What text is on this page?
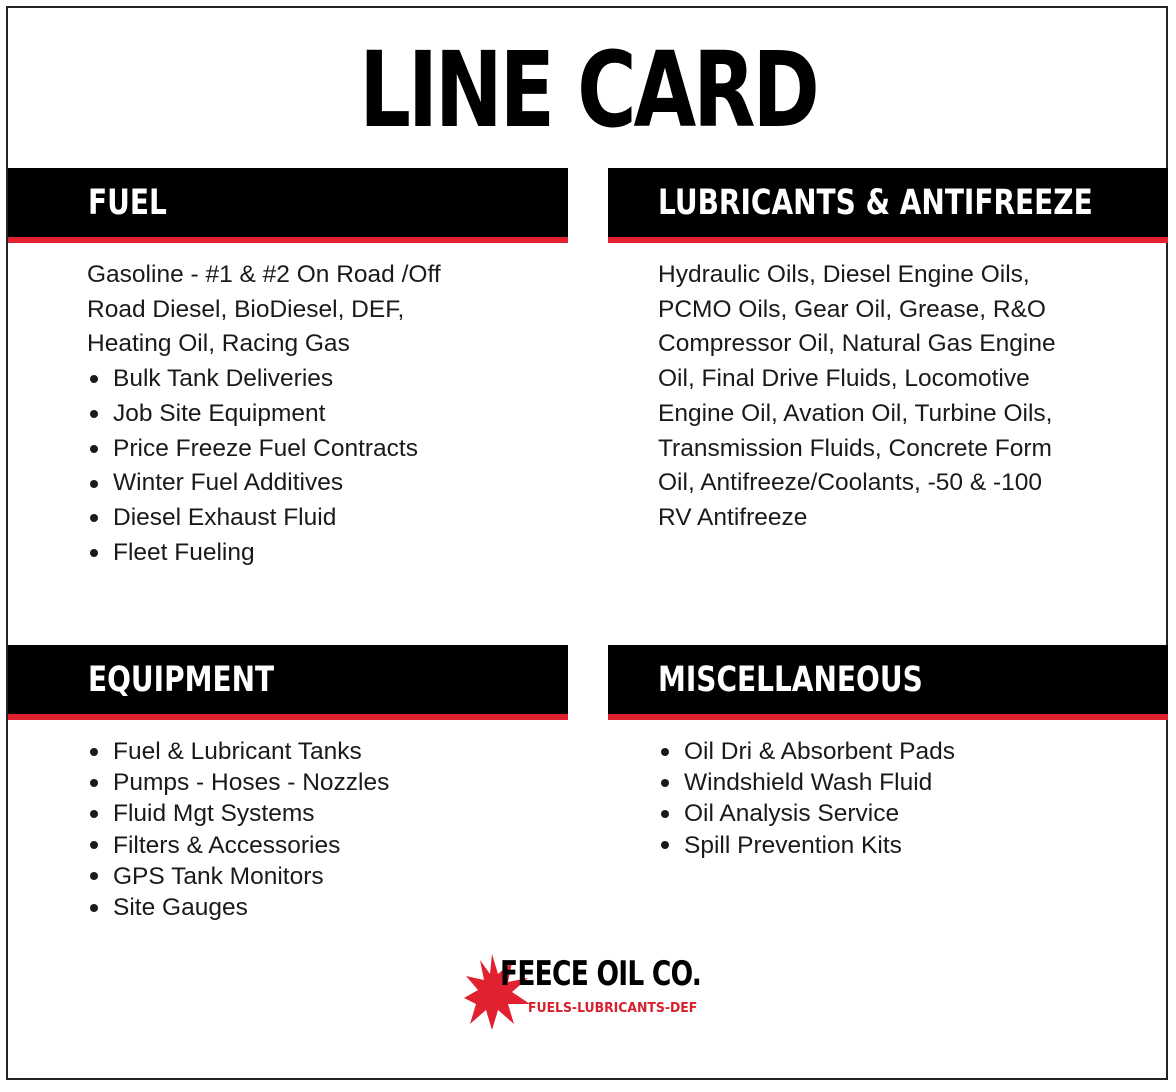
LINE CARD
FUEL

Gasoline - #1 & #2 On Road /Off

Road Diesel, BioDiesel, DEF,

Heating Oil, Racing Gas

Bulk Tank Deliveries
Job Site Equipment
Price Freeze Fuel Contracts
Winter Fuel Additives
Diesel Exhaust Fluid
Fleet Fueling
LUBRICANTS & ANTIFREEZE

Hydraulic Oils, Diesel Engine Oils,

PCMO Oils, Gear Oil, Grease, R&O

Compressor Oil, Natural Gas Engine

Oil, Final Drive Fluids, Locomotive

Engine Oil, Avation Oil, Turbine Oils,

Transmission Fluids, Concrete Form

Oil, Antifreeze/Coolants, -50 & -100

RV Antifreeze

EQUIPMENT
Fuel & Lubricant Tanks
Pumps - Hoses - Nozzles
Fluid Mgt Systems
Filters & Accessories
GPS Tank Monitors
Site Gauges
MISCELLANEOUS
Oil Dri & Absorbent Pads
Windshield Wash Fluid
Oil Analysis Service
Spill Prevention Kits
FEECE OIL CO.
FUELS-LUBRICANTS-DEF
